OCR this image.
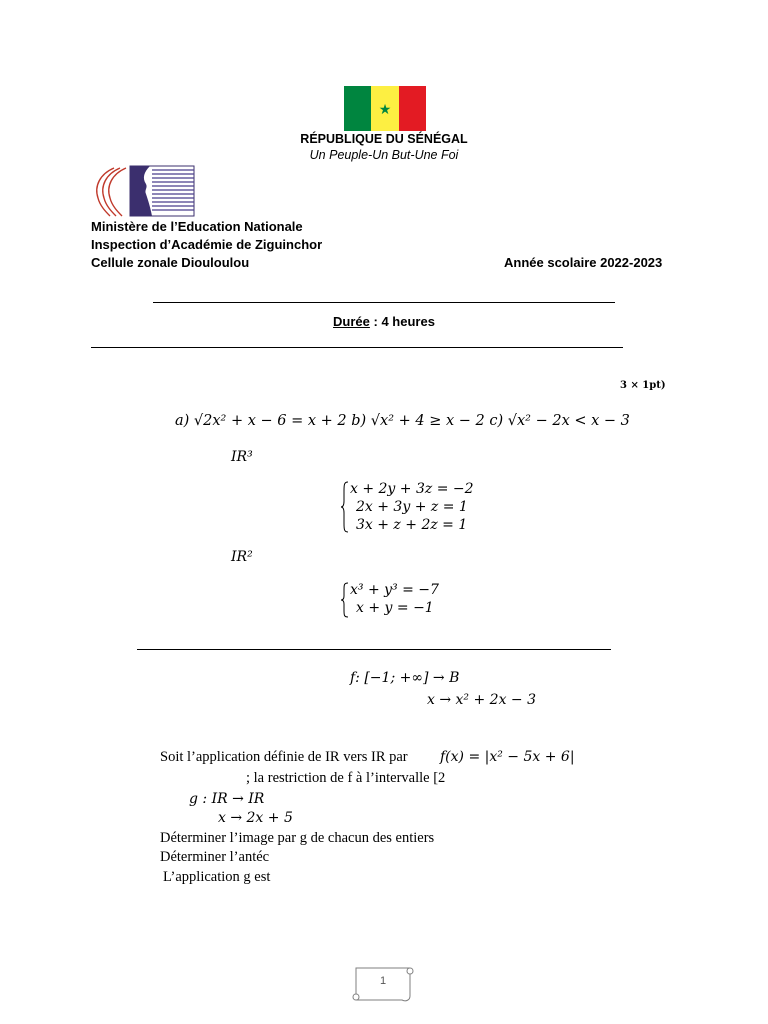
★
RÉPUBLIQUE DU SÉNÉGAL
Un Peuple-Un But-Une Foi
Ministère de l’Education Nationale
Inspection d’Académie de Ziguinchor
Cellule zonale Diouloulou	Année scolaire 2022-2023
Durée : 4 heures
3 × 1pt)
a) √2x² + x − 6 = x + 2 b) √x² + 4 ≥ x − 2 c) √x² − 2x < x − 3
IR³
x + 2y + 3z = −2
2x + 3y + z = 1
3x + z + 2z = 1
IR²
x³ + y³ = −7
x + y = −1
f: [−1; +∞] → B
x → x² + 2x − 3
Soit l’application définie de IR vers IR par f(x) = |x² − 5x + 6|
; la restriction de f à l’intervalle [2
g : IR → IR
x → 2x + 5
Déterminer l’image par g de chacun des entiers
Déterminer l’antéc
L’application g est
1
